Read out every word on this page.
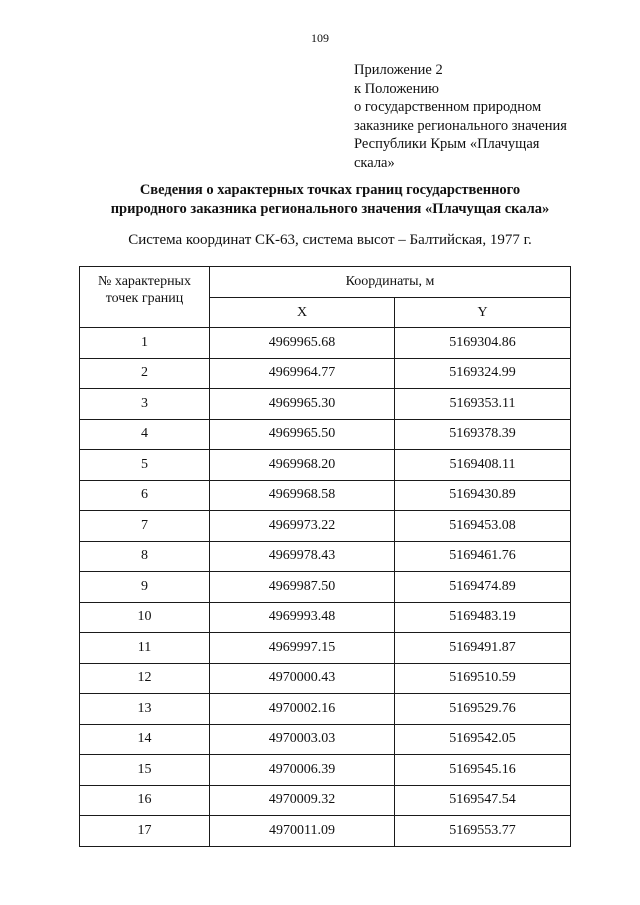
109
Приложение 2
к Положению
о государственном природном
заказнике регионального значения
Республики Крым «Плачущая
скала»
Сведения о характерных точках границ государственного
природного заказника регионального значения «Плачущая скала»
Система координат СК-63, система высот – Балтийская, 1977 г.
№ характерных
точек границ	Координаты, м	
	X	Y
1	4969965.68	5169304.86
2	4969964.77	5169324.99
3	4969965.30	5169353.11
4	4969965.50	5169378.39
5	4969968.20	5169408.11
6	4969968.58	5169430.89
7	4969973.22	5169453.08
8	4969978.43	5169461.76
9	4969987.50	5169474.89
10	4969993.48	5169483.19
11	4969997.15	5169491.87
12	4970000.43	5169510.59
13	4970002.16	5169529.76
14	4970003.03	5169542.05
15	4970006.39	5169545.16
16	4970009.32	5169547.54
17	4970011.09	5169553.77
